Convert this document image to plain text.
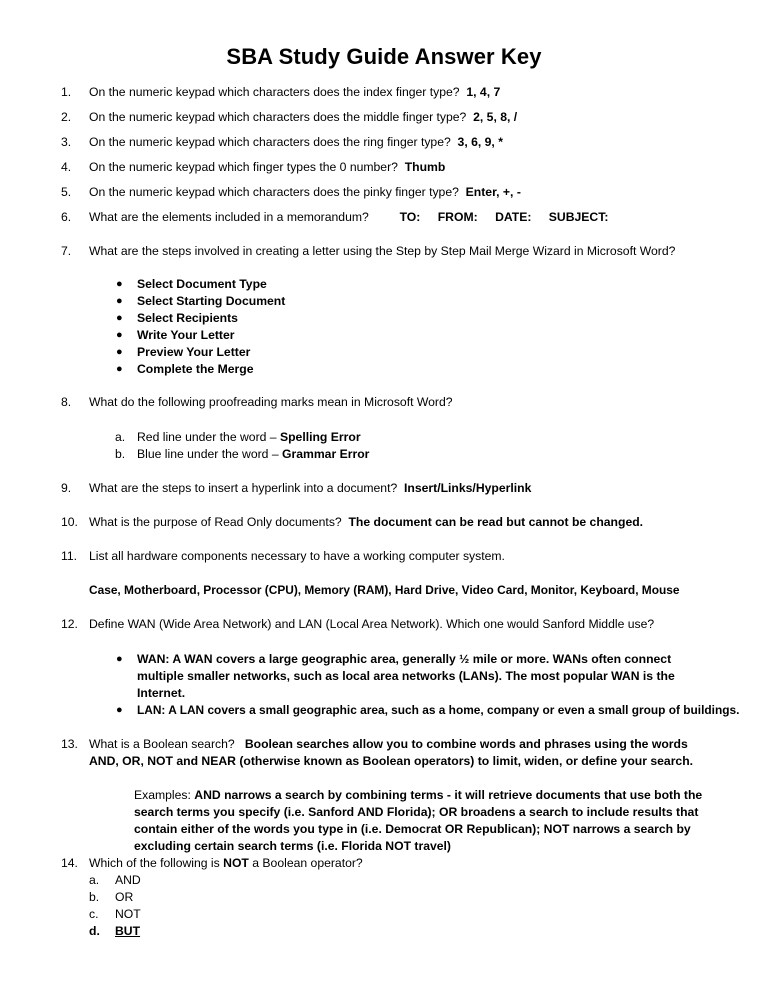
SBA Study Guide Answer Key
1. On the numeric keypad which characters does the index finger type? 1, 4, 7
2. On the numeric keypad which characters does the middle finger type? 2, 5, 8, /
3. On the numeric keypad which characters does the ring finger type? 3, 6, 9, *
4. On the numeric keypad which finger types the 0 number? Thumb
5. On the numeric keypad which characters does the pinky finger type? Enter, +, -
6. What are the elements included in a memorandum?	TO: FROM: DATE: SUBJECT:
7. What are the steps involved in creating a letter using the Step by Step Mail Merge Wizard in Microsoft Word?
● Select Document Type
● Select Starting Document
● Select Recipients
● Write Your Letter
● Preview Your Letter
● Complete the Merge
8. What do the following proofreading marks mean in Microsoft Word?
a. Red line under the word – Spelling Error
b. Blue line under the word – Grammar Error
9. What are the steps to insert a hyperlink into a document? Insert/Links/Hyperlink
10. What is the purpose of Read Only documents? The document can be read but cannot be changed.
11. List all hardware components necessary to have a working computer system.
Case, Motherboard, Processor (CPU), Memory (RAM), Hard Drive, Video Card, Monitor, Keyboard, Mouse
12. Define WAN (Wide Area Network) and LAN (Local Area Network). Which one would Sanford Middle use?
● WAN: A WAN covers a large geographic area, generally ½ mile or more. WANs often connect multiple smaller networks, such as local area networks (LANs). The most popular WAN is the Internet.
● LAN: A LAN covers a small geographic area, such as a home, company or even a small group of buildings.
13. What is a Boolean search? Boolean searches allow you to combine words and phrases using the words AND, OR, NOT and NEAR (otherwise known as Boolean operators) to limit, widen, or define your search.
Examples: AND narrows a search by combining terms - it will retrieve documents that use both the search terms you specify (i.e. Sanford AND Florida); OR broadens a search to include results that contain either of the words you type in (i.e. Democrat OR Republican); NOT narrows a search by excluding certain search terms (i.e. Florida NOT travel)
14. Which of the following is NOT a Boolean operator?
a. AND
b. OR
c. NOT
d. BUT
